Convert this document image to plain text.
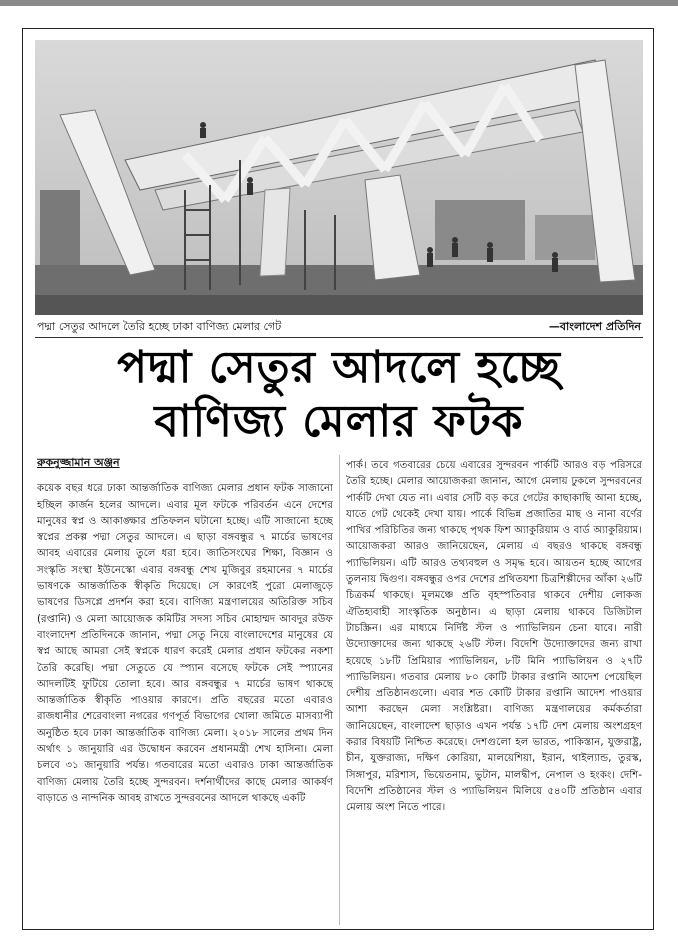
পদ্মা সেতুর আদলে তৈরি হচ্ছে ঢাকা বাণিজ্য মেলার গেট	—বাংলাদেশ প্রতিদিন
পদ্মা সেতুর আদলে হচ্ছে
বাণিজ্য মেলার ফটক

রুকনুজ্জামান অঞ্জন

কয়েক বছর ধরে ঢাকা আন্তর্জাতিক বাণিজ্য মেলার প্রধান ফটক সাজানো হচ্ছিল কার্জন হলের আদলে। এবার মূল ফটকে পরিবর্তন এনে দেশের মানুষের স্বপ্ন ও আকাঙ্ক্ষার প্রতিফলন ঘটানো হচ্ছে। এটি সাজানো হচ্ছে স্বপ্নের প্রকল্প পদ্মা সেতুর আদলে। এ ছাড়া বঙ্গবন্ধুর ৭ মার্চের ভাষণের আবহ এবারের মেলায় তুলে ধরা হবে। জাতিসংঘের শিক্ষা, বিজ্ঞান ও সংস্কৃতি সংস্থা ইউনেস্কো এবার বঙ্গবন্ধু শেখ মুজিবুর রহমানের ৭ মার্চের ভাষণকে আন্তর্জাতিক স্বীকৃতি দিয়েছে। সে কারণেই পুরো মেলাজুড়ে ভাষণের ডিসপ্লে প্রদর্শন করা হবে। বাণিজ্য মন্ত্রণালয়ের অতিরিক্ত সচিব (রপ্তানি) ও মেলা আয়োজক কমিটির সদস্য সচিব মোহাম্মদ আবদুর রউফ বাংলাদেশ প্রতিদিনকে জানান, পদ্মা সেতু নিয়ে বাংলাদেশের মানুষের যে স্বপ্ন আছে আমরা সেই স্বপ্নকে ধারণ করেই মেলার প্রধান ফটকের নকশা তৈরি করেছি। পদ্মা সেতুতে যে স্প্যান বসেছে ফটকে সেই স্প্যানের আদলটিই ফুটিয়ে তোলা হবে। আর বঙ্গবন্ধুর ৭ মার্চের ভাষণ থাকছে আন্তর্জাতিক স্বীকৃতি পাওয়ার কারণে। প্রতি বছরের মতো এবারও রাজধানীর শেরেবাংলা নগরের গণপূর্ত বিভাগের খোলা জমিতে মাসব্যাপী অনুষ্ঠিত হবে ঢাকা আন্তর্জাতিক বাণিজ্য মেলা। ২০১৮ সালের প্রথম দিন অর্থাৎ ১ জানুয়ারি এর উদ্বোধন করবেন প্রধানমন্ত্রী শেখ হাসিনা। মেলা চলবে ৩১ জানুয়ারি পর্যন্ত। গতবারের মতো এবারও ঢাকা আন্তর্জাতিক বাণিজ্য মেলায় তৈরি হচ্ছে সুন্দরবন। দর্শনার্থীদের কাছে মেলার আকর্ষণ বাড়াতে ও নান্দনিক আবহ রাখতে সুন্দরবনের আদলে থাকছে একটি

পার্ক। তবে গতবারের চেয়ে এবারের সুন্দরবন পার্কটি আরও বড় পরিসরে তৈরি হচ্ছে। মেলার আয়োজকরা জানান, আগে মেলায় ঢুকলে সুন্দরবনের পার্কটি দেখা যেত না। এবার সেটি বড় করে গেটের কাছাকাছি আনা হচ্ছে, যাতে গেট থেকেই দেখা যায়। পার্কে বিভিন্ন প্রজাতির মাছ ও নানা বর্ণের পাখির পরিচিতির জন্য থাকছে পৃথক ফিশ অ্যাকুরিয়াম ও বার্ড অ্যাকুরিয়াম। আয়োজকরা আরও জানিয়েছেন, মেলায় এ বছরও থাকছে বঙ্গবন্ধু প্যাভিলিয়ন। এটি আরও তথ্যবহুল ও সমৃদ্ধ হবে। আয়তন হচ্ছে আগের তুলনায় দ্বিগুণ। বঙ্গবন্ধুর ওপর দেশের প্রথিতযশা চিত্রশিল্পীদের আঁকা ২৬টি চিত্রকর্ম থাকছে। মূলমঞ্চে প্রতি বৃহস্পতিবার থাকবে দেশীয় লোকজ ঐতিহ্যবাহী সাংস্কৃতিক অনুষ্ঠান। এ ছাড়া মেলায় থাকবে ডিজিটাল টাচস্ক্রিন। এর মাধ্যমে নির্দিষ্ট স্টল ও প্যাভিলিয়ন চেনা যাবে। নারী উদ্যোক্তাদের জন্য থাকছে ২৬টি স্টল। বিদেশি উদ্যোক্তাদের জন্য রাখা হয়েছে ১৮টি প্রিমিয়ার প্যাভিলিয়ন, ৮টি মিনি প্যাভিলিয়ন ও ২৭টি প্যাভিলিয়ন। গতবার মেলায় ৮০ কোটি টাকার রপ্তানি আদেশ পেয়েছিল দেশীয় প্রতিষ্ঠানগুলো। এবার শত কোটি টাকার রপ্তানি আদেশ পাওয়ার আশা করছেন মেলা সংশ্লিষ্টরা। বাণিজ্য মন্ত্রণালয়ের কর্মকর্তারা জানিয়েছেন, বাংলাদেশ ছাড়াও এখন পর্যন্ত ১৭টি দেশ মেলায় অংশগ্রহণ করার বিষয়টি নিশ্চিত করেছে। দেশগুলো হল ভারত, পাকিস্তান, যুক্তরাষ্ট্র, চীন, যুক্তরাজ্য, দক্ষিণ কোরিয়া, মালয়েশিয়া, ইরান, থাইল্যান্ড, তুরস্ক, সিঙ্গাপুর, মরিশাস, ভিয়েতনাম, ভুটান, মালদ্বীপ, নেপাল ও হংকং। দেশি-বিদেশি প্রতিষ্ঠানের স্টল ও প্যাভিলিয়ন মিলিয়ে ৫৪০টি প্রতিষ্ঠান এবার মেলায় অংশ নিতে পারে।
